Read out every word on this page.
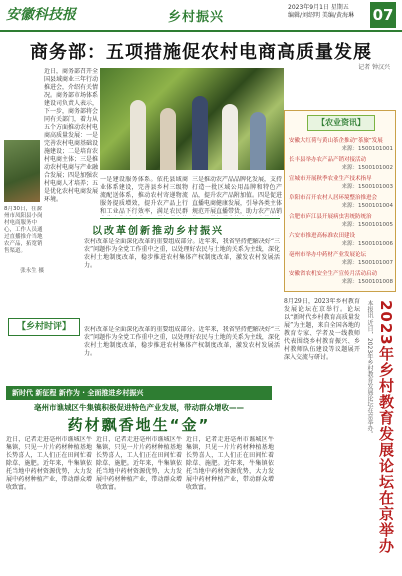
安徽科技报	乡村振兴
2023年9月1日 星期五
编辑/刘绍明 美编/黄海琳 07
商务部：五项措施促农村电商高质量发展
记者 钟汉兴
近日，商务部召开全国县域商业三年行动推进会，介绍有关情况。商务部市场体系建设司负责人表示，下一步，商务部将会同有关部门，着力从五个方面推动农村电商高质量发展：一是完善农村电商基础设施建设；二是培育农村电商主体；三是推动农村电商与产业融合发展；四是加强农村电商人才培养；五是优化农村电商发展环境。
8月30日，在滁州市凤阳县小岗村电商服务中心，工作人员通过直播推介当地农产品，拓宽销售渠道。
张永生 摄
一是建设服务体系。依托县域商业体系建设，完善县乡村三级物流配送体系，推动农村寄递物流服务提质增效，提升农产品上行和工业品下行效率，满足农民群
三是推动农产品品牌化发展，支持打造一批区域公用品牌和特色产品，提升农产品附加值。四是促进直播电商健康发展，引导各类主体规范开展直播带货，助力农产品销
以改革创新推动乡村振兴
农村改革是全面深化改革的重要组成部分。近年来，我省坚持把解决好“三农”问题作为全党工作重中之重，以处理好农民与土地的关系为主线，深化农村土地制度改革，稳步推进农村集体产权制度改革，激发农村发展活力。
【乡村时评】	农村改革是全面深化改革的重要组成部分。近年来，我省坚持把解决好“三农”问题作为全党工作重中之重，以处理好农民与土地的关系为主线，深化农村土地制度改革，稳步推进农村集体产权制度改革，激发农村发展活力。
【农业资讯】
安徽大红荷与黄山茶企推动“茶旅”发展
来源：1500101001
长丰县举办农产品产销对接活动
来源：1500101002
宣城市开展秋季农业生产技术指导
来源：1500101003
阜阳市召开农村人居环境整治推进会
来源：1500101004
合肥市庐江县开展病虫害统防统治
来源：1500101005
六安市推进高标准农田建设
来源：1500101006
亳州市举办中药材产业发展论坛
来源：1500101007
安徽省农机安全生产宣传月活动启动
来源：1500101008
8月29日，2023年乡村教育发展论坛在京举行。论坛以“新时代乡村教育高质量发展”为主题，来自全国各地的教育专家、学者及一线教师代表围绕乡村教育振兴、乡村教师队伍建设等议题展开深入交流与研讨。	本报讯 近日，2023年乡村教育发展论坛在京举办。 2023年乡村教育发展论坛在京举办
新时代 新征程 新作为 · 全面推进乡村振兴
亳州市谯城区牛集镇积极促进特色产业发展，带动群众增收——
药材飘香地生“金”
近日，记者走进亳州市谯城区牛集镇，只见一片片药材种植基地长势喜人，工人们正在田间忙着除草、施肥。近年来，牛集镇依托当地中药材资源优势，大力发展中药材种植产业，带动群众增收致富。
近日，记者走进亳州市谯城区牛集镇，只见一片片药材种植基地长势喜人，工人们正在田间忙着除草、施肥。近年来，牛集镇依托当地中药材资源优势，大力发展中药材种植产业，带动群众增收致富。
近日，记者走进亳州市谯城区牛集镇，只见一片片药材种植基地长势喜人，工人们正在田间忙着除草、施肥。近年来，牛集镇依托当地中药材资源优势，大力发展中药材种植产业，带动群众增收致富。
